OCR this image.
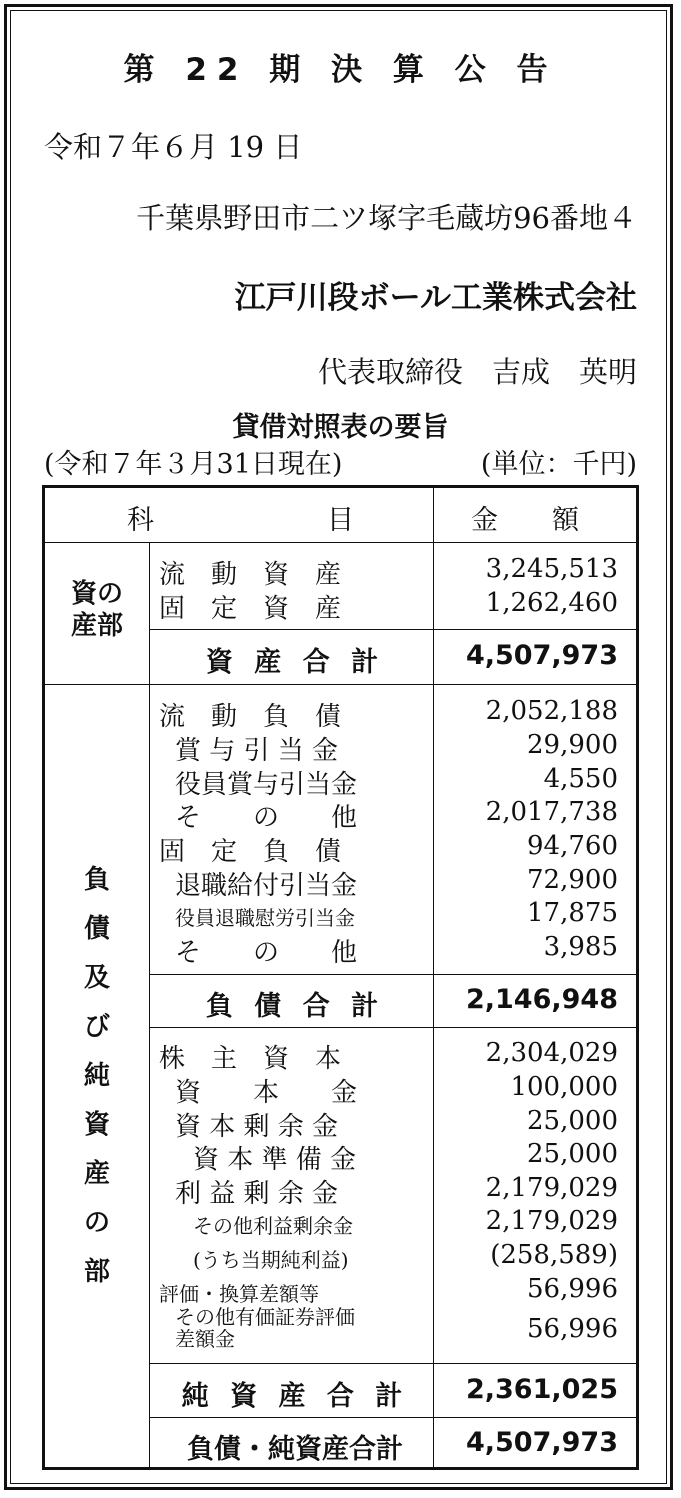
第 22 期 決 算 公 告
令和７年６月 19 日
千葉県野田市二ツ塚字毛蔵坊96番地４
江戸川段ボール工業株式会社
代表取締役　吉成　英明
貸借対照表の要旨
(令和７年３月31日現在)	(単位：千円)
科	目	金　　額
資の
産部
流　動　資　産	3,245,513
固　定　資　産	1,262,460
資 産 合 計	4,507,973
負
債
及
び
純
資
産
の
部
流　動　負　債	2,052,188
賞 与 引 当 金	29,900
役員賞与引当金	4,550
そ　　の　　他	2,017,738
固　定　負　債	94,760
退職給付引当金	72,900
役員退職慰労引当金	17,875
そ　　の　　他	3,985
負 債 合 計	2,146,948
株　主　資　本	2,304,029
資　　本　　金	100,000
資 本 剰 余 金	25,000
資 本 準 備 金	25,000
利 益 剰 余 金	2,179,029
その他利益剰余金	2,179,029
(うち当期純利益)	(258,589)
評価・換算差額等	56,996
その他有価証券評価
差額金	56,996
純 資 産 合 計	2,361,025
負債・純資産合計	4,507,973
